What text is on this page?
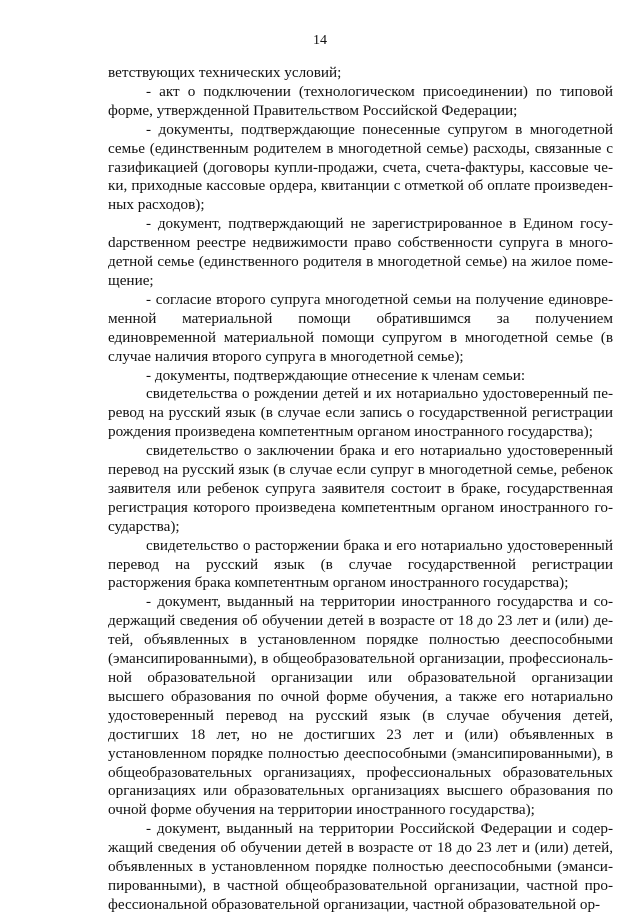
14

ветствующих технических условий;

- акт о подключении (технологическом присоединении) по типовой форме, утвержденной Правительством Российской Федерации;

- документы, подтверждающие понесенные супругом в многодетной семье (единственным родителем в многодетной семье) расходы, связанные с газификацией (договоры купли-продажи, счета, счета-фактуры, кассовые чеки, приходные кассовые ордера, квитанции с отметкой об оплате произведенных расходов);

- документ, подтверждающий не зарегистрированное в Едином госуdарственном реестре недвижимости право собственности супруга в многодетной семье (единственного родителя в многодетной семье) на жилое помещение;

- согласие второго супруга многодетной семьи на получение единовременной материальной помощи обратившимся за получением единовременной материальной помощи супругом в многодетной семье (в случае наличия второго супруга в многодетной семье);

- документы, подтверждающие отнесение к членам семьи:

свидетельства о рождении детей и их нотариально удостоверенный перевод на русский язык (в случае если запись о государственной регистрации рождения произведена компетентным органом иностранного государства);

свидетельство о заключении брака и его нотариально удостоверенный перевод на русский язык (в случае если супруг в многодетной семье, ребенок заявителя или ребенок супруга заявителя состоит в браке, государственная регистрация которого произведена компетентным органом иностранного государства);

свидетельство о расторжении брака и его нотариально удостоверенный перевод на русский язык (в случае государственной регистрации расторжения брака компетентным органом иностранного государства);

- документ, выданный на территории иностранного государства и содержащий сведения об обучении детей в возрасте от 18 до 23 лет и (или) детей, объявленных в установленном порядке полностью дееспособными (эмансипированными), в общеобразовательной организации, профессиональной образовательной организации или образовательной организации высшего образования по очной форме обучения, а также его нотариально удостоверенный перевод на русский язык (в случае обучения детей, достигших 18 лет, но не достигших 23 лет и (или) объявленных в установленном порядке полностью дееспособными (эмансипированными), в общеобразовательных организациях, профессиональных образовательных организациях или образовательных организациях высшего образования по очной форме обучения на территории иностранного государства);

- документ, выданный на территории Российской Федерации и содержащий сведения об обучении детей в возрасте от 18 до 23 лет и (или) детей, объявленных в установленном порядке полностью дееспособными (эмансипированными), в частной общеобразовательной организации, частной профессиональной образовательной организации, частной образовательной ор-
